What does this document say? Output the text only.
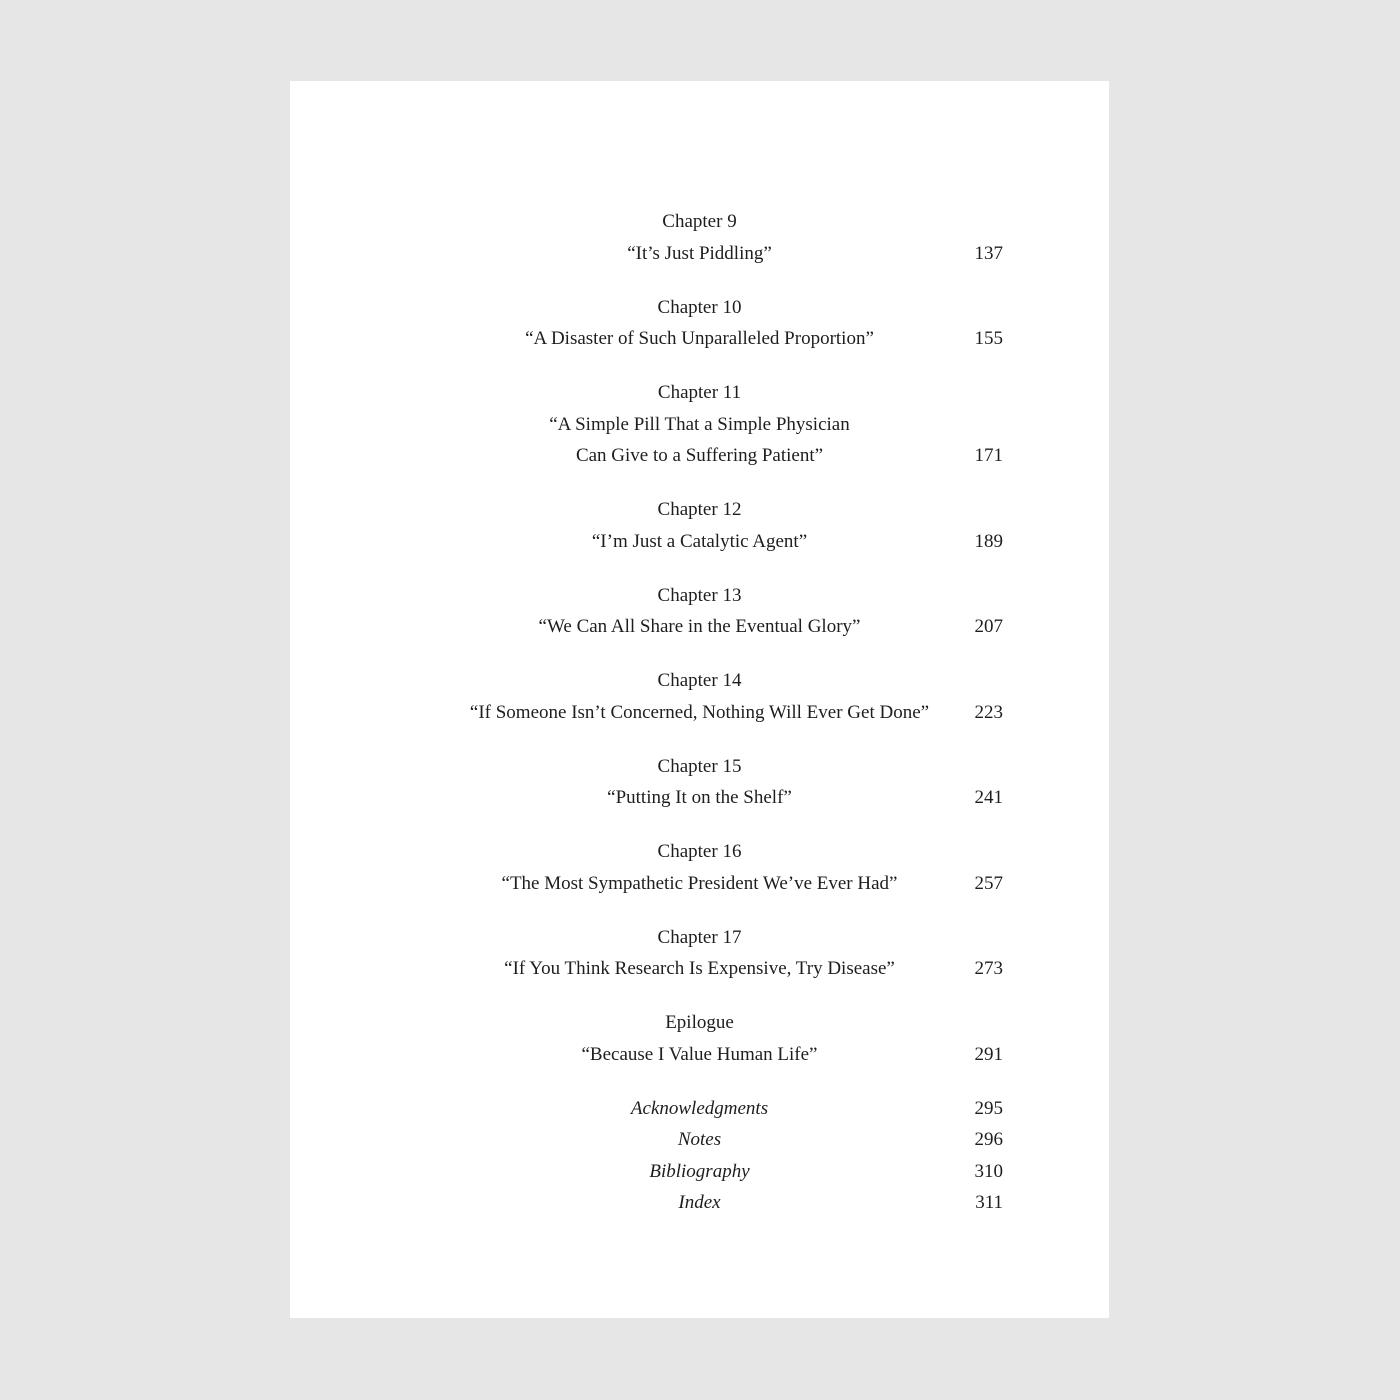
Chapter 9
“It’s Just Piddling”	137
Chapter 10
“A Disaster of Such Unparalleled Proportion”	155
Chapter 11
“A Simple Pill That a Simple Physician
Can Give to a Suffering Patient”	171
Chapter 12
“I’m Just a Catalytic Agent”	189
Chapter 13
“We Can All Share in the Eventual Glory”	207
Chapter 14
“If Someone Isn’t Concerned, Nothing Will Ever Get Done”	223
Chapter 15
“Putting It on the Shelf”	241
Chapter 16
“The Most Sympathetic President We’ve Ever Had”	257
Chapter 17
“If You Think Research Is Expensive, Try Disease”	273
Epilogue
“Because I Value Human Life”	291
Acknowledgments	295
Notes	296
Bibliography	310
Index	311
